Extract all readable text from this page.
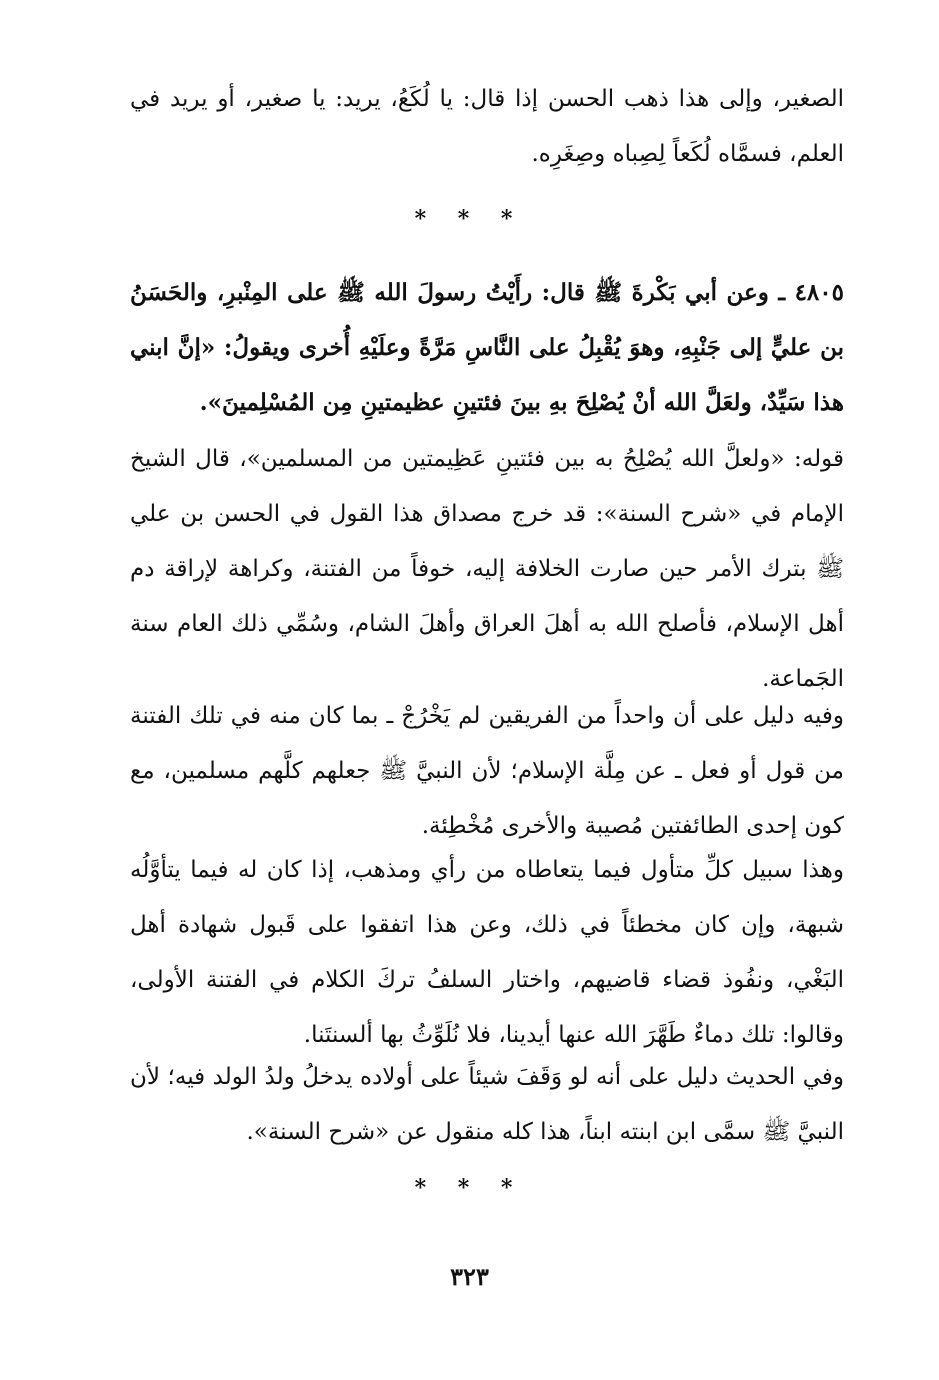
الصغير، وإلى هذا ذهب الحسن إذا قال: يا لُكَعُ، يريد: يا صغير، أو يريد في العلم، فسمَّاه لُكَعاً لِصِباه وصِغَرِه.

* * *

٤٨٠٥ ـ وعن أبي بَكْرةَ ﷺ قال: رأَيْتُ رسولَ الله ﷺ على المِنْبرِ، والحَسَنُ بن عليٍّ إلى جَنْبِهِ، وهوَ يُقْبِلُ على النَّاسِ مَرَّةً وعلَيْهِ أُخرى ويقولُ: «إنَّ ابني هذا سَيِّدٌ، ولعَلَّ الله أنْ يُصْلِحَ بهِ بينَ فئتينِ عظيمتينِ مِن المُسْلِمينَ».

قوله: «ولعلَّ الله يُصْلِحُ به بين فئتينِ عَظِيمتين من المسلمين»، قال الشيخ الإمام في «شرح السنة»: قد خرج مصداق هذا القول في الحسن بن علي ﷺ بترك الأمر حين صارت الخلافة إليه، خوفاً من الفتنة، وكراهة لإراقة دم أهل الإسلام، فأصلح الله به أهلَ العراق وأهلَ الشام، وسُمِّي ذلك العام سنة الجَماعة.

وفيه دليل على أن واحداً من الفريقين لم يَخْرُجْ ـ بما كان منه في تلك الفتنة من قول أو فعل ـ عن مِلَّة الإسلام؛ لأن النبيَّ ﷺ جعلهم كلَّهم مسلمين، مع كون إحدى الطائفتين مُصيبة والأخرى مُخْطِئة.

وهذا سبيل كلِّ متأول فيما يتعاطاه من رأي ومذهب، إذا كان له فيما يتأوَّلُه شبهة، وإن كان مخطئاً في ذلك، وعن هذا اتفقوا على قَبول شهادة أهل البَغْي، ونفُوذ قضاء قاضيهم، واختار السلفُ تركَ الكلام في الفتنة الأولى، وقالوا: تلك دماءٌ طَهَّرَ الله عنها أيدينا، فلا نُلَوِّثُ بها ألسنتَنا.

وفي الحديث دليل على أنه لو وَقَفَ شيئاً على أولاده يدخلُ ولدُ الولد فيه؛ لأن النبيَّ ﷺ سمَّى ابن ابنته ابناً، هذا كله منقول عن «شرح السنة».

* * *
٣٢٣
